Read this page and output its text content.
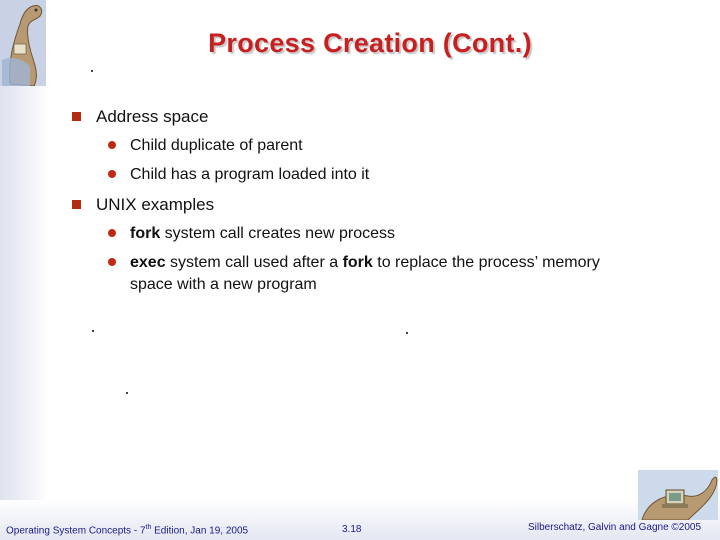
Process Creation (Cont.)
Address space
Child duplicate of parent
Child has a program loaded into it
UNIX examples
fork system call creates new process
exec system call used after a fork to replace the process’ memory space with a new program
Operating System Concepts - 7th Edition, Jan 19, 2005	3.18	Silberschatz, Galvin and Gagne ©2005
